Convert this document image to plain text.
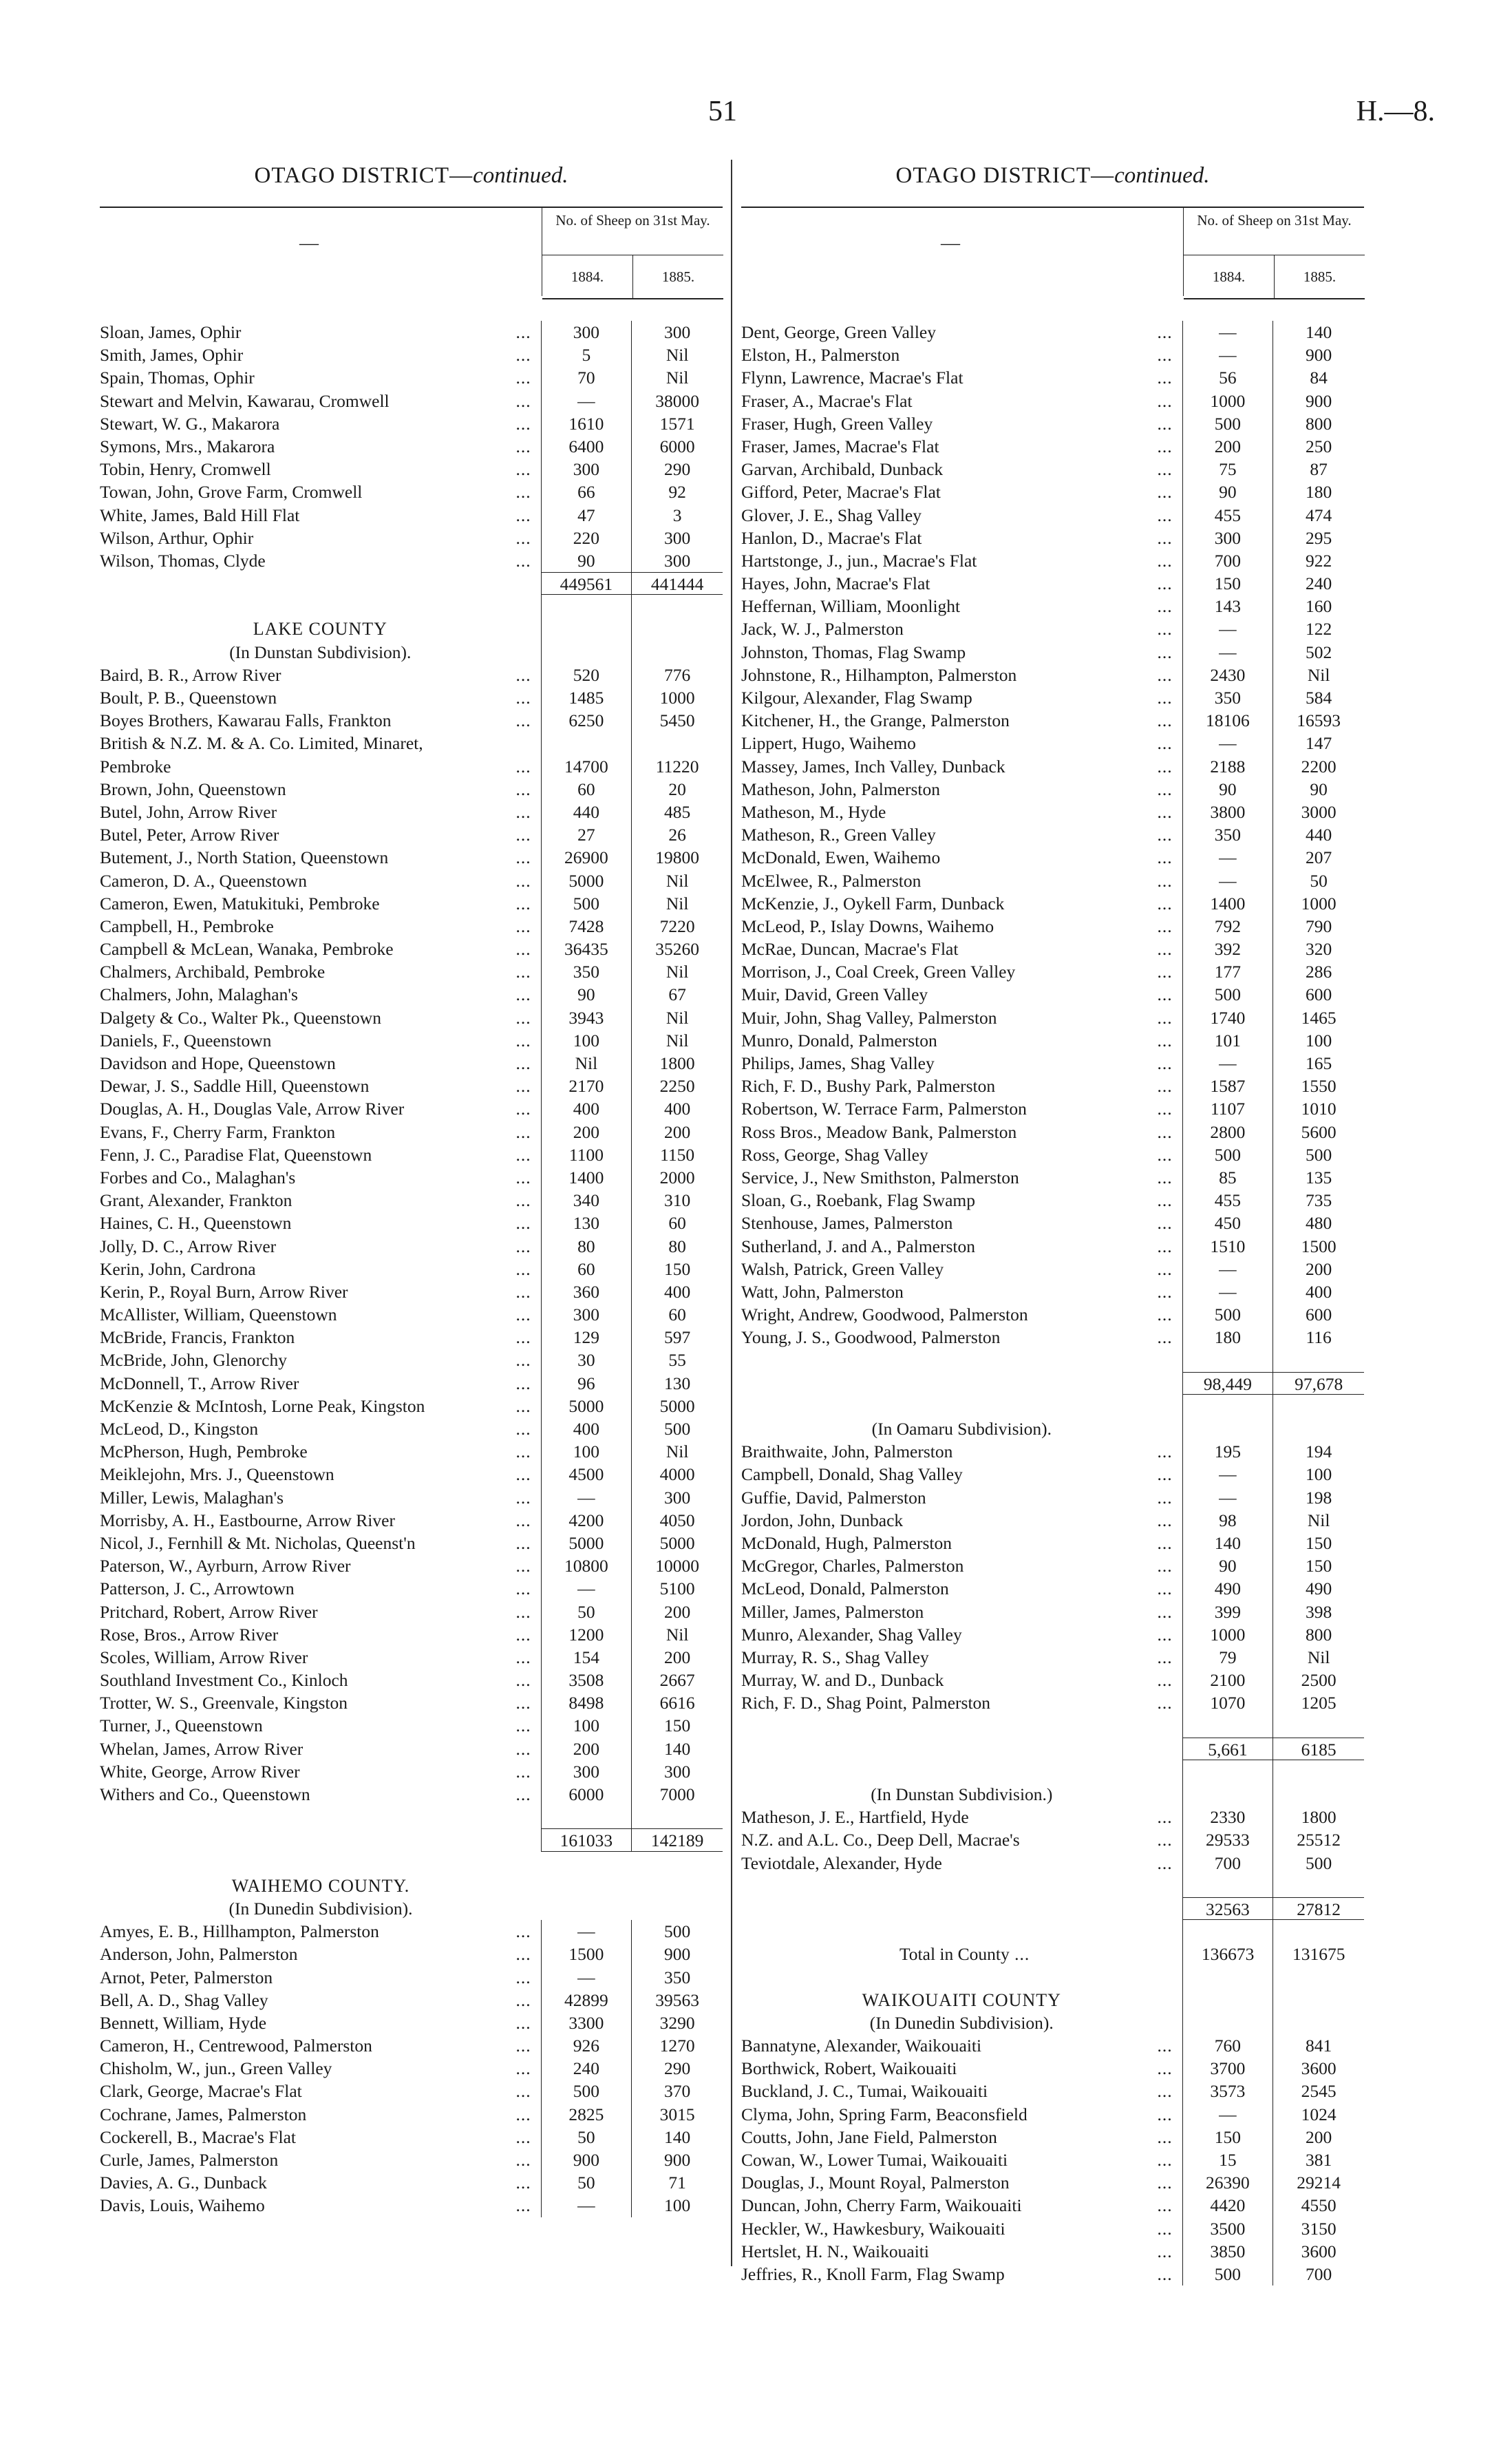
51	H.—8.
OTAGO DISTRICT—continued.
—
No. of Sheep on 31st May.
1884.	1885.
Sloan, James, Ophir	...	300	300
Smith, James, Ophir	...	5	Nil
Spain, Thomas, Ophir	...	70	Nil
Stewart and Melvin, Kawarau, Cromwell	...	—	38000
Stewart, W. G., Makarora	...	1610	1571
Symons, Mrs., Makarora	...	6400	6000
Tobin, Henry, Cromwell	...	300	290
Towan, John, Grove Farm, Cromwell	...	66	92
White, James, Bald Hill Flat	...	47	3
Wilson, Arthur, Ophir	...	220	300
Wilson, Thomas, Clyde	...	90	300
449561	441444
LAKE COUNTY
(In Dunstan Subdivision).
Baird, B. R., Arrow River	...	520	776
Boult, P. B., Queenstown	...	1485	1000
Boyes Brothers, Kawarau Falls, Frankton	...	6250	5450
British & N.Z. M. & A. Co. Limited, Minaret,
Pembroke	...	14700	11220
Brown, John, Queenstown	...	60	20
Butel, John, Arrow River	...	440	485
Butel, Peter, Arrow River	...	27	26
Butement, J., North Station, Queenstown	...	26900	19800
Cameron, D. A., Queenstown	...	5000	Nil
Cameron, Ewen, Matukituki, Pembroke	...	500	Nil
Campbell, H., Pembroke	...	7428	7220
Campbell & McLean, Wanaka, Pembroke	...	36435	35260
Chalmers, Archibald, Pembroke	...	350	Nil
Chalmers, John, Malaghan's	...	90	67
Dalgety & Co., Walter Pk., Queenstown	...	3943	Nil
Daniels, F., Queenstown	...	100	Nil
Davidson and Hope, Queenstown	...	Nil	1800
Dewar, J. S., Saddle Hill, Queenstown	...	2170	2250
Douglas, A. H., Douglas Vale, Arrow River	...	400	400
Evans, F., Cherry Farm, Frankton	...	200	200
Fenn, J. C., Paradise Flat, Queenstown	...	1100	1150
Forbes and Co., Malaghan's	...	1400	2000
Grant, Alexander, Frankton	...	340	310
Haines, C. H., Queenstown	...	130	60
Jolly, D. C., Arrow River	...	80	80
Kerin, John, Cardrona	...	60	150
Kerin, P., Royal Burn, Arrow River	...	360	400
McAllister, William, Queenstown	...	300	60
McBride, Francis, Frankton	...	129	597
McBride, John, Glenorchy	...	30	55
McDonnell, T., Arrow River	...	96	130
McKenzie & McIntosh, Lorne Peak, Kingston	...	5000	5000
McLeod, D., Kingston	...	400	500
McPherson, Hugh, Pembroke	...	100	Nil
Meiklejohn, Mrs. J., Queenstown	...	4500	4000
Miller, Lewis, Malaghan's	...	—	300
Morrisby, A. H., Eastbourne, Arrow River	...	4200	4050
Nicol, J., Fernhill & Mt. Nicholas, Queenst'n	...	5000	5000
Paterson, W., Ayrburn, Arrow River	...	10800	10000
Patterson, J. C., Arrowtown	...	—	5100
Pritchard, Robert, Arrow River	...	50	200
Rose, Bros., Arrow River	...	1200	Nil
Scoles, William, Arrow River	...	154	200
Southland Investment Co., Kinloch	...	3508	2667
Trotter, W. S., Greenvale, Kingston	...	8498	6616
Turner, J., Queenstown	...	100	150
Whelan, James, Arrow River	...	200	140
White, George, Arrow River	...	300	300
Withers and Co., Queenstown	...	6000	7000
161033	142189
WAIHEMO COUNTY.
(In Dunedin Subdivision).
Amyes, E. B., Hillhampton, Palmerston	...	—	500
Anderson, John, Palmerston	...	1500	900
Arnot, Peter, Palmerston	...	—	350
Bell, A. D., Shag Valley	...	42899	39563
Bennett, William, Hyde	...	3300	3290
Cameron, H., Centrewood, Palmerston	...	926	1270
Chisholm, W., jun., Green Valley	...	240	290
Clark, George, Macrae's Flat	...	500	370
Cochrane, James, Palmerston	...	2825	3015
Cockerell, B., Macrae's Flat	...	50	140
Curle, James, Palmerston	...	900	900
Davies, A. G., Dunback	...	50	71
Davis, Louis, Waihemo	...	—	100
OTAGO DISTRICT—continued.
—
No. of Sheep on 31st May.
1884.	1885.
Dent, George, Green Valley	...	—	140
Elston, H., Palmerston	...	—	900
Flynn, Lawrence, Macrae's Flat	...	56	84
Fraser, A., Macrae's Flat	...	1000	900
Fraser, Hugh, Green Valley	...	500	800
Fraser, James, Macrae's Flat	...	200	250
Garvan, Archibald, Dunback	...	75	87
Gifford, Peter, Macrae's Flat	...	90	180
Glover, J. E., Shag Valley	...	455	474
Hanlon, D., Macrae's Flat	...	300	295
Hartstonge, J., jun., Macrae's Flat	...	700	922
Hayes, John, Macrae's Flat	...	150	240
Heffernan, William, Moonlight	...	143	160
Jack, W. J., Palmerston	...	—	122
Johnston, Thomas, Flag Swamp	...	—	502
Johnstone, R., Hilhampton, Palmerston	...	2430	Nil
Kilgour, Alexander, Flag Swamp	...	350	584
Kitchener, H., the Grange, Palmerston	...	18106	16593
Lippert, Hugo, Waihemo	...	—	147
Massey, James, Inch Valley, Dunback	...	2188	2200
Matheson, John, Palmerston	...	90	90
Matheson, M., Hyde	...	3800	3000
Matheson, R., Green Valley	...	350	440
McDonald, Ewen, Waihemo	...	—	207
McElwee, R., Palmerston	...	—	50
McKenzie, J., Oykell Farm, Dunback	...	1400	1000
McLeod, P., Islay Downs, Waihemo	...	792	790
McRae, Duncan, Macrae's Flat	...	392	320
Morrison, J., Coal Creek, Green Valley	...	177	286
Muir, David, Green Valley	...	500	600
Muir, John, Shag Valley, Palmerston	...	1740	1465
Munro, Donald, Palmerston	...	101	100
Philips, James, Shag Valley	...	—	165
Rich, F. D., Bushy Park, Palmerston	...	1587	1550
Robertson, W. Terrace Farm, Palmerston	...	1107	1010
Ross Bros., Meadow Bank, Palmerston	...	2800	5600
Ross, George, Shag Valley	...	500	500
Service, J., New Smithston, Palmerston	...	85	135
Sloan, G., Roebank, Flag Swamp	...	455	735
Stenhouse, James, Palmerston	...	450	480
Sutherland, J. and A., Palmerston	...	1510	1500
Walsh, Patrick, Green Valley	...	—	200
Watt, John, Palmerston	...	—	400
Wright, Andrew, Goodwood, Palmerston	...	500	600
Young, J. S., Goodwood, Palmerston	...	180	116
98,449	97,678
(In Oamaru Subdivision).
Braithwaite, John, Palmerston	...	195	194
Campbell, Donald, Shag Valley	...	—	100
Guffie, David, Palmerston	...	—	198
Jordon, John, Dunback	...	98	Nil
McDonald, Hugh, Palmerston	...	140	150
McGregor, Charles, Palmerston	...	90	150
McLeod, Donald, Palmerston	...	490	490
Miller, James, Palmerston	...	399	398
Munro, Alexander, Shag Valley	...	1000	800
Murray, R. S., Shag Valley	...	79	Nil
Murray, W. and D., Dunback	...	2100	2500
Rich, F. D., Shag Point, Palmerston	...	1070	1205
5,661	6185
(In Dunstan Subdivision.)
Matheson, J. E., Hartfield, Hyde	...	2330	1800
N.Z. and A.L. Co., Deep Dell, Macrae's	...	29533	25512
Teviotdale, Alexander, Hyde	...	700	500
32563	27812
Total in County ...	136673	131675
WAIKOUAITI COUNTY
(In Dunedin Subdivision).
Bannatyne, Alexander, Waikouaiti	...	760	841
Borthwick, Robert, Waikouaiti	...	3700	3600
Buckland, J. C., Tumai, Waikouaiti	...	3573	2545
Clyma, John, Spring Farm, Beaconsfield	...	—	1024
Coutts, John, Jane Field, Palmerston	...	150	200
Cowan, W., Lower Tumai, Waikouaiti	...	15	381
Douglas, J., Mount Royal, Palmerston	...	26390	29214
Duncan, John, Cherry Farm, Waikouaiti	...	4420	4550
Heckler, W., Hawkesbury, Waikouaiti	...	3500	3150
Hertslet, H. N., Waikouaiti	...	3850	3600
Jeffries, R., Knoll Farm, Flag Swamp	...	500	700
